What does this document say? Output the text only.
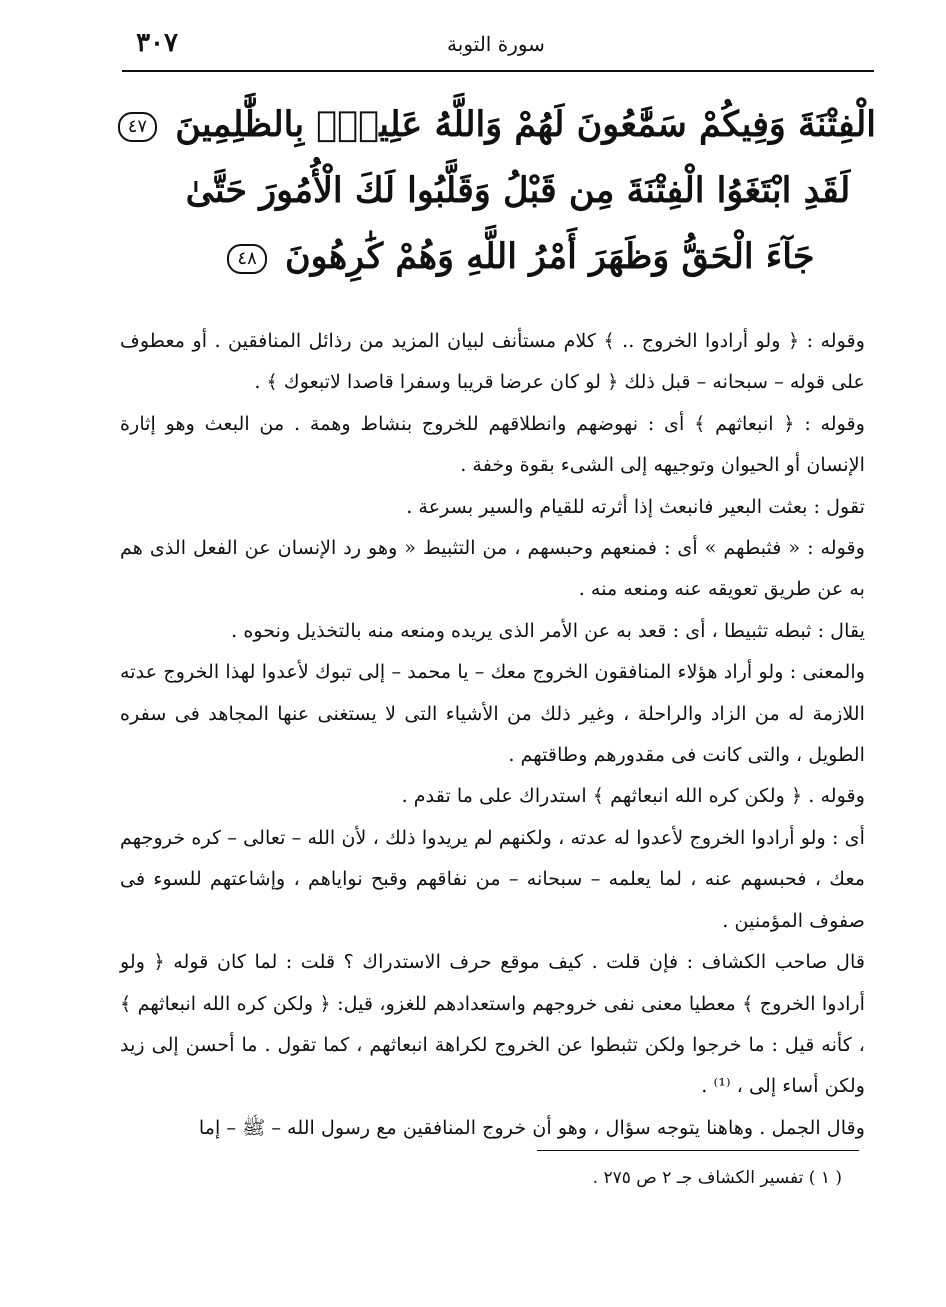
سورة التوبة
٣٠٧
الْفِتْنَةَ وَفِيكُمْ سَمَّٰعُونَ لَهُمْ وَاللَّهُ عَلِيمٌۢ بِالظَّٰلِمِينَ ٤٧
لَقَدِ ابْتَغَوُا الْفِتْنَةَ مِن قَبْلُ وَقَلَّبُوا لَكَ الْأُمُورَ حَتَّىٰ
جَآءَ الْحَقُّ وَظَهَرَ أَمْرُ اللَّهِ وَهُمْ كَٰرِهُونَ ٤٨

وقوله : ﴿ ولو أرادوا الخروج .. ﴾ كلام مستأنف لبيان المزيد من رذائل المنافقين . أو معطوف على قوله – سبحانه – قبل ذلك ﴿ لو كان عرضا قريبا وسفرا قاصدا لاتبعوك ﴾ .

وقوله : ﴿ انبعاثهم ﴾ أى : نهوضهم وانطلاقهم للخروج بنشاط وهمة . من البعث وهو إثارة الإنسان أو الحيوان وتوجيهه إلى الشىء بقوة وخفة .

تقول : بعثت البعير فانبعث إذا أثرته للقيام والسير بسرعة .

وقوله : « فثبطهم » أى : فمنعهم وحبسهم ، من التثبيط « وهو رد الإنسان عن الفعل الذى هم به عن طريق تعويقه عنه ومنعه منه .

يقال : ثبطه تثبيطا ، أى : قعد به عن الأمر الذى يريده ومنعه منه بالتخذيل ونحوه .

والمعنى : ولو أراد هؤلاء المنافقون الخروج معك – يا محمد – إلى تبوك لأعدوا لهذا الخروج عدته اللازمة له من الزاد والراحلة ، وغير ذلك من الأشياء التى لا يستغنى عنها المجاهد فى سفره الطويل ، والتى كانت فى مقدورهم وطاقتهم .

وقوله . ﴿ ولكن كره الله انبعاثهم ﴾ استدراك على ما تقدم .

أى : ولو أرادوا الخروج لأعدوا له عدته ، ولكنهم لم يريدوا ذلك ، لأن الله – تعالى – كره خروجهم معك ، فحبسهم عنه ، لما يعلمه – سبحانه – من نفاقهم وقبح نواياهم ، وإشاعتهم للسوء فى صفوف المؤمنين .

قال صاحب الكشاف : فإن قلت . كيف موقع حرف الاستدراك ؟ قلت : لما كان قوله ﴿ ولو أرادوا الخروج ﴾ معطيا معنى نفى خروجهم واستعدادهم للغزو، قيل: ﴿ ولكن كره الله انبعاثهم ﴾ ، كأنه قيل : ما خرجوا ولكن تثبطوا عن الخروج لكراهة انبعاثهم ، كما تقول . ما أحسن إلى زيد ولكن أساء إلى ، ⁽¹⁾ .

وقال الجمل . وهاهنا يتوجه سؤال ، وهو أن خروج المنافقين مع رسول الله – ﷺ – إما

( ١ ) تفسير الكشاف جـ ٢ ص ٢٧٥ .
